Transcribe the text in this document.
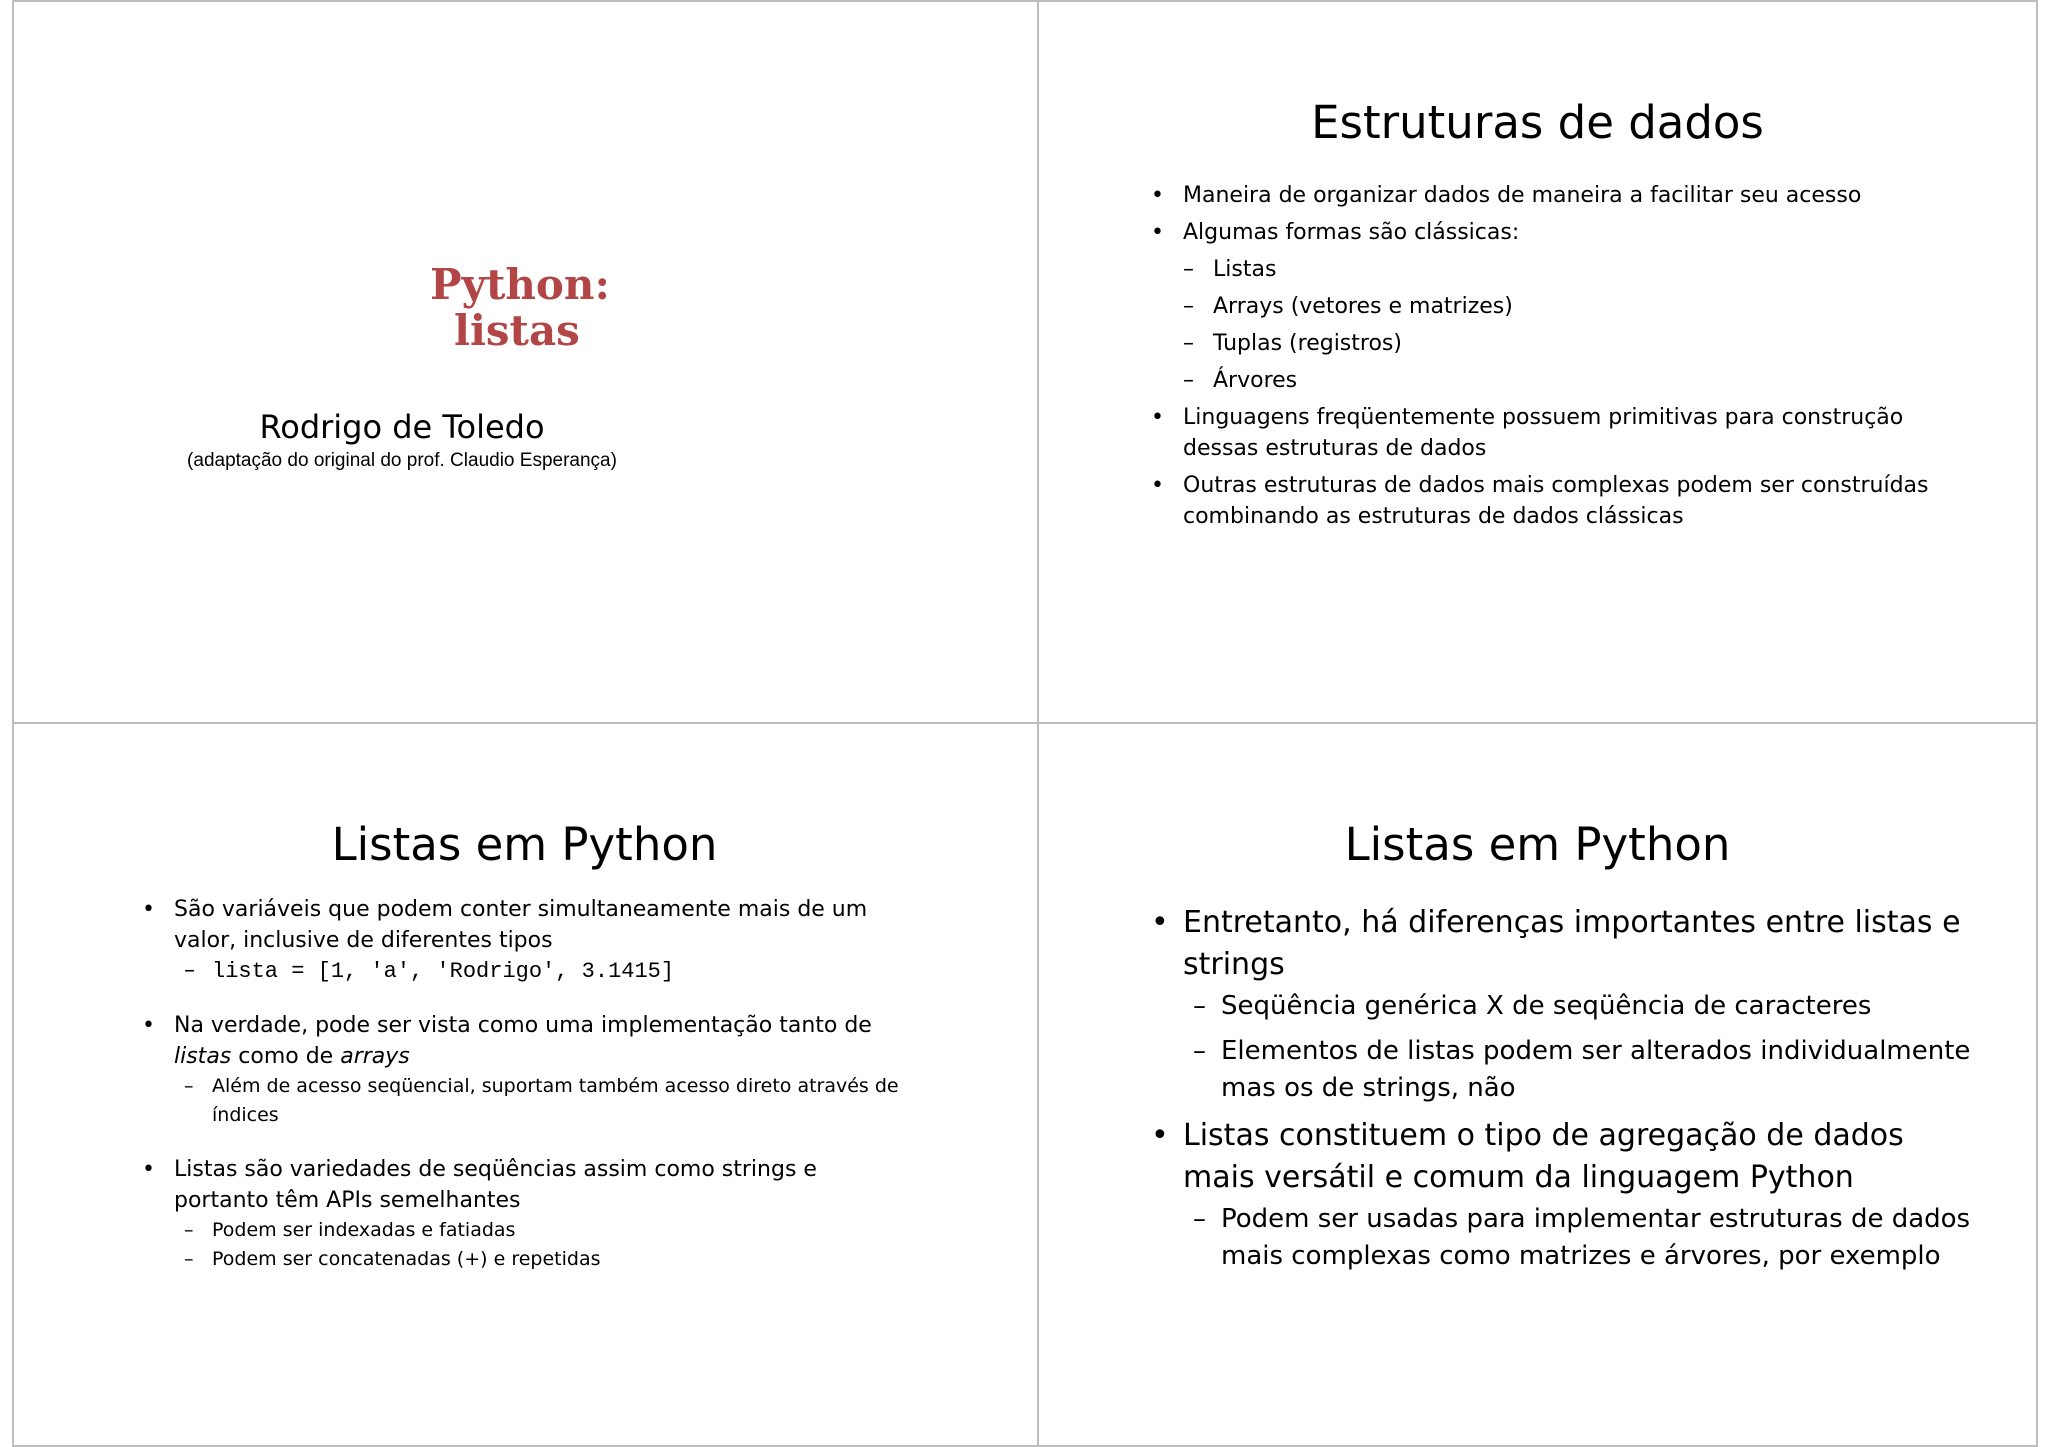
Python:
listas
Rodrigo de Toledo
(adaptação do original do prof. Claudio Esperança)
Estruturas de dados
• Maneira de organizar dados de maneira a facilitar seu acesso
• Algumas formas são clássicas:
– Listas
– Arrays (vetores e matrizes)
– Tuplas (registros)
– Árvores
• Linguagens freqüentemente possuem primitivas para construção dessas estruturas de dados
• Outras estruturas de dados mais complexas podem ser construídas combinando as estruturas de dados clássicas
Listas em Python
• São variáveis que podem conter simultaneamente mais de um valor, inclusive de diferentes tipos
– lista = [1, 'a', 'Rodrigo', 3.1415]
• Na verdade, pode ser vista como uma implementação tanto de listas como de arrays
– Além de acesso seqüencial, suportam também acesso direto através de índices
• Listas são variedades de seqüências assim como strings e portanto têm APIs semelhantes
– Podem ser indexadas e fatiadas
– Podem ser concatenadas (+) e repetidas
Listas em Python
• Entretanto, há diferenças importantes entre listas e strings
– Seqüência genérica X de seqüência de caracteres
– Elementos de listas podem ser alterados individualmente mas os de strings, não
• Listas constituem o tipo de agregação de dados mais versátil e comum da linguagem Python
– Podem ser usadas para implementar estruturas de dados mais complexas como matrizes e árvores, por exemplo
